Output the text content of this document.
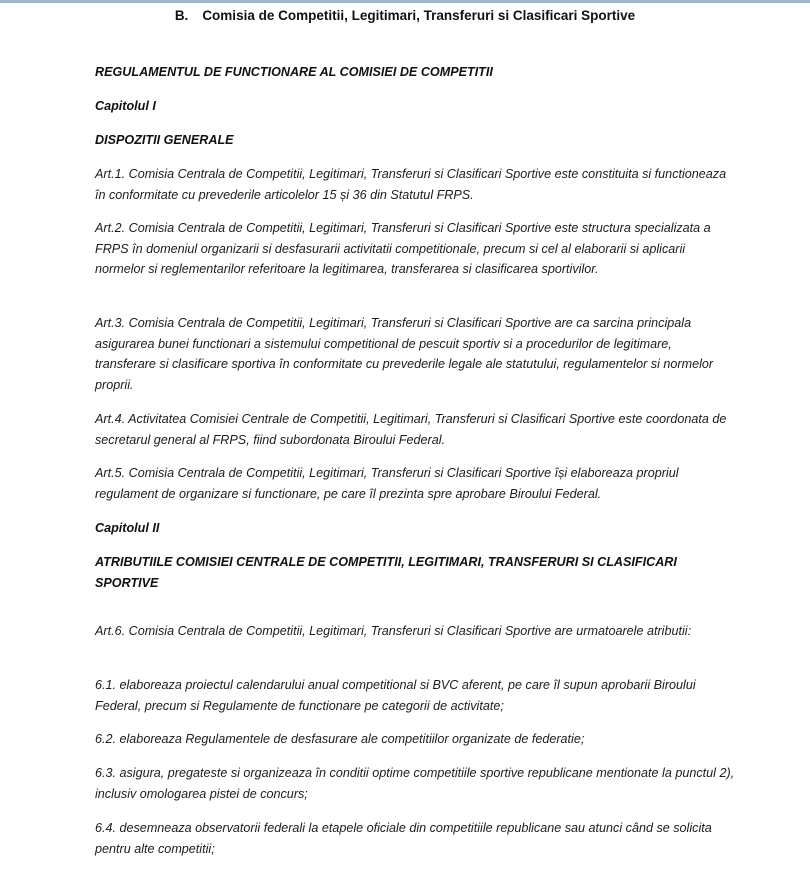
B. Comisia de Competitii, Legitimari, Transferuri si Clasificari Sportive
REGULAMENTUL DE FUNCTIONARE AL COMISIEI DE COMPETITII
Capitolul I
DISPOZITII GENERALE

Art.1. Comisia Centrala de Competitii, Legitimari, Transferuri si Clasificari Sportive este constituita si functioneaza în conformitate cu prevederile articolelor 15 și 36 din Statutul FRPS.

Art.2. Comisia Centrala de Competitii, Legitimari, Transferuri si Clasificari Sportive este structura specializata a FRPS în domeniul organizarii si desfasurarii activitatii competitionale, precum si cel al elaborarii si aplicarii normelor si reglementarilor referitoare la legitimarea, transferarea si clasificarea sportivilor.

Art.3. Comisia Centrala de Competitii, Legitimari, Transferuri si Clasificari Sportive are ca sarcina principala asigurarea bunei functionari a sistemului competitional de pescuit sportiv si a procedurilor de legitimare, transferare si clasificare sportiva în conformitate cu prevederile legale ale statutului, regulamentelor si normelor proprii.

Art.4. Activitatea Comisiei Centrale de Competitii, Legitimari, Transferuri si Clasificari Sportive este coordonata de secretarul general al FRPS, fiind subordonata Biroului Federal.

Art.5. Comisia Centrala de Competitii, Legitimari, Transferuri si Clasificari Sportive își elaboreaza propriul regulament de organizare si functionare, pe care îl prezinta spre aprobare Biroului Federal.

Capitolul II
ATRIBUTIILE COMISIEI CENTRALE DE COMPETITII, LEGITIMARI, TRANSFERURI SI CLASIFICARI SPORTIVE

Art.6. Comisia Centrala de Competitii, Legitimari, Transferuri si Clasificari Sportive are urmatoarele atributii:

6.1. elaboreaza proiectul calendarului anual competitional si BVC aferent, pe care îl supun aprobarii Biroului Federal, precum si Regulamente de functionare pe categorii de activitate;

6.2. elaboreaza Regulamentele de desfasurare ale competitiilor organizate de federatie;

6.3. asigura, pregateste si organizeaza în conditii optime competitiile sportive republicane mentionate la punctul 2), inclusiv omologarea pistei de concurs;

6.4. desemneaza observatorii federali la etapele oficiale din competitiile republicane sau atunci când se solicita pentru alte competitii;
